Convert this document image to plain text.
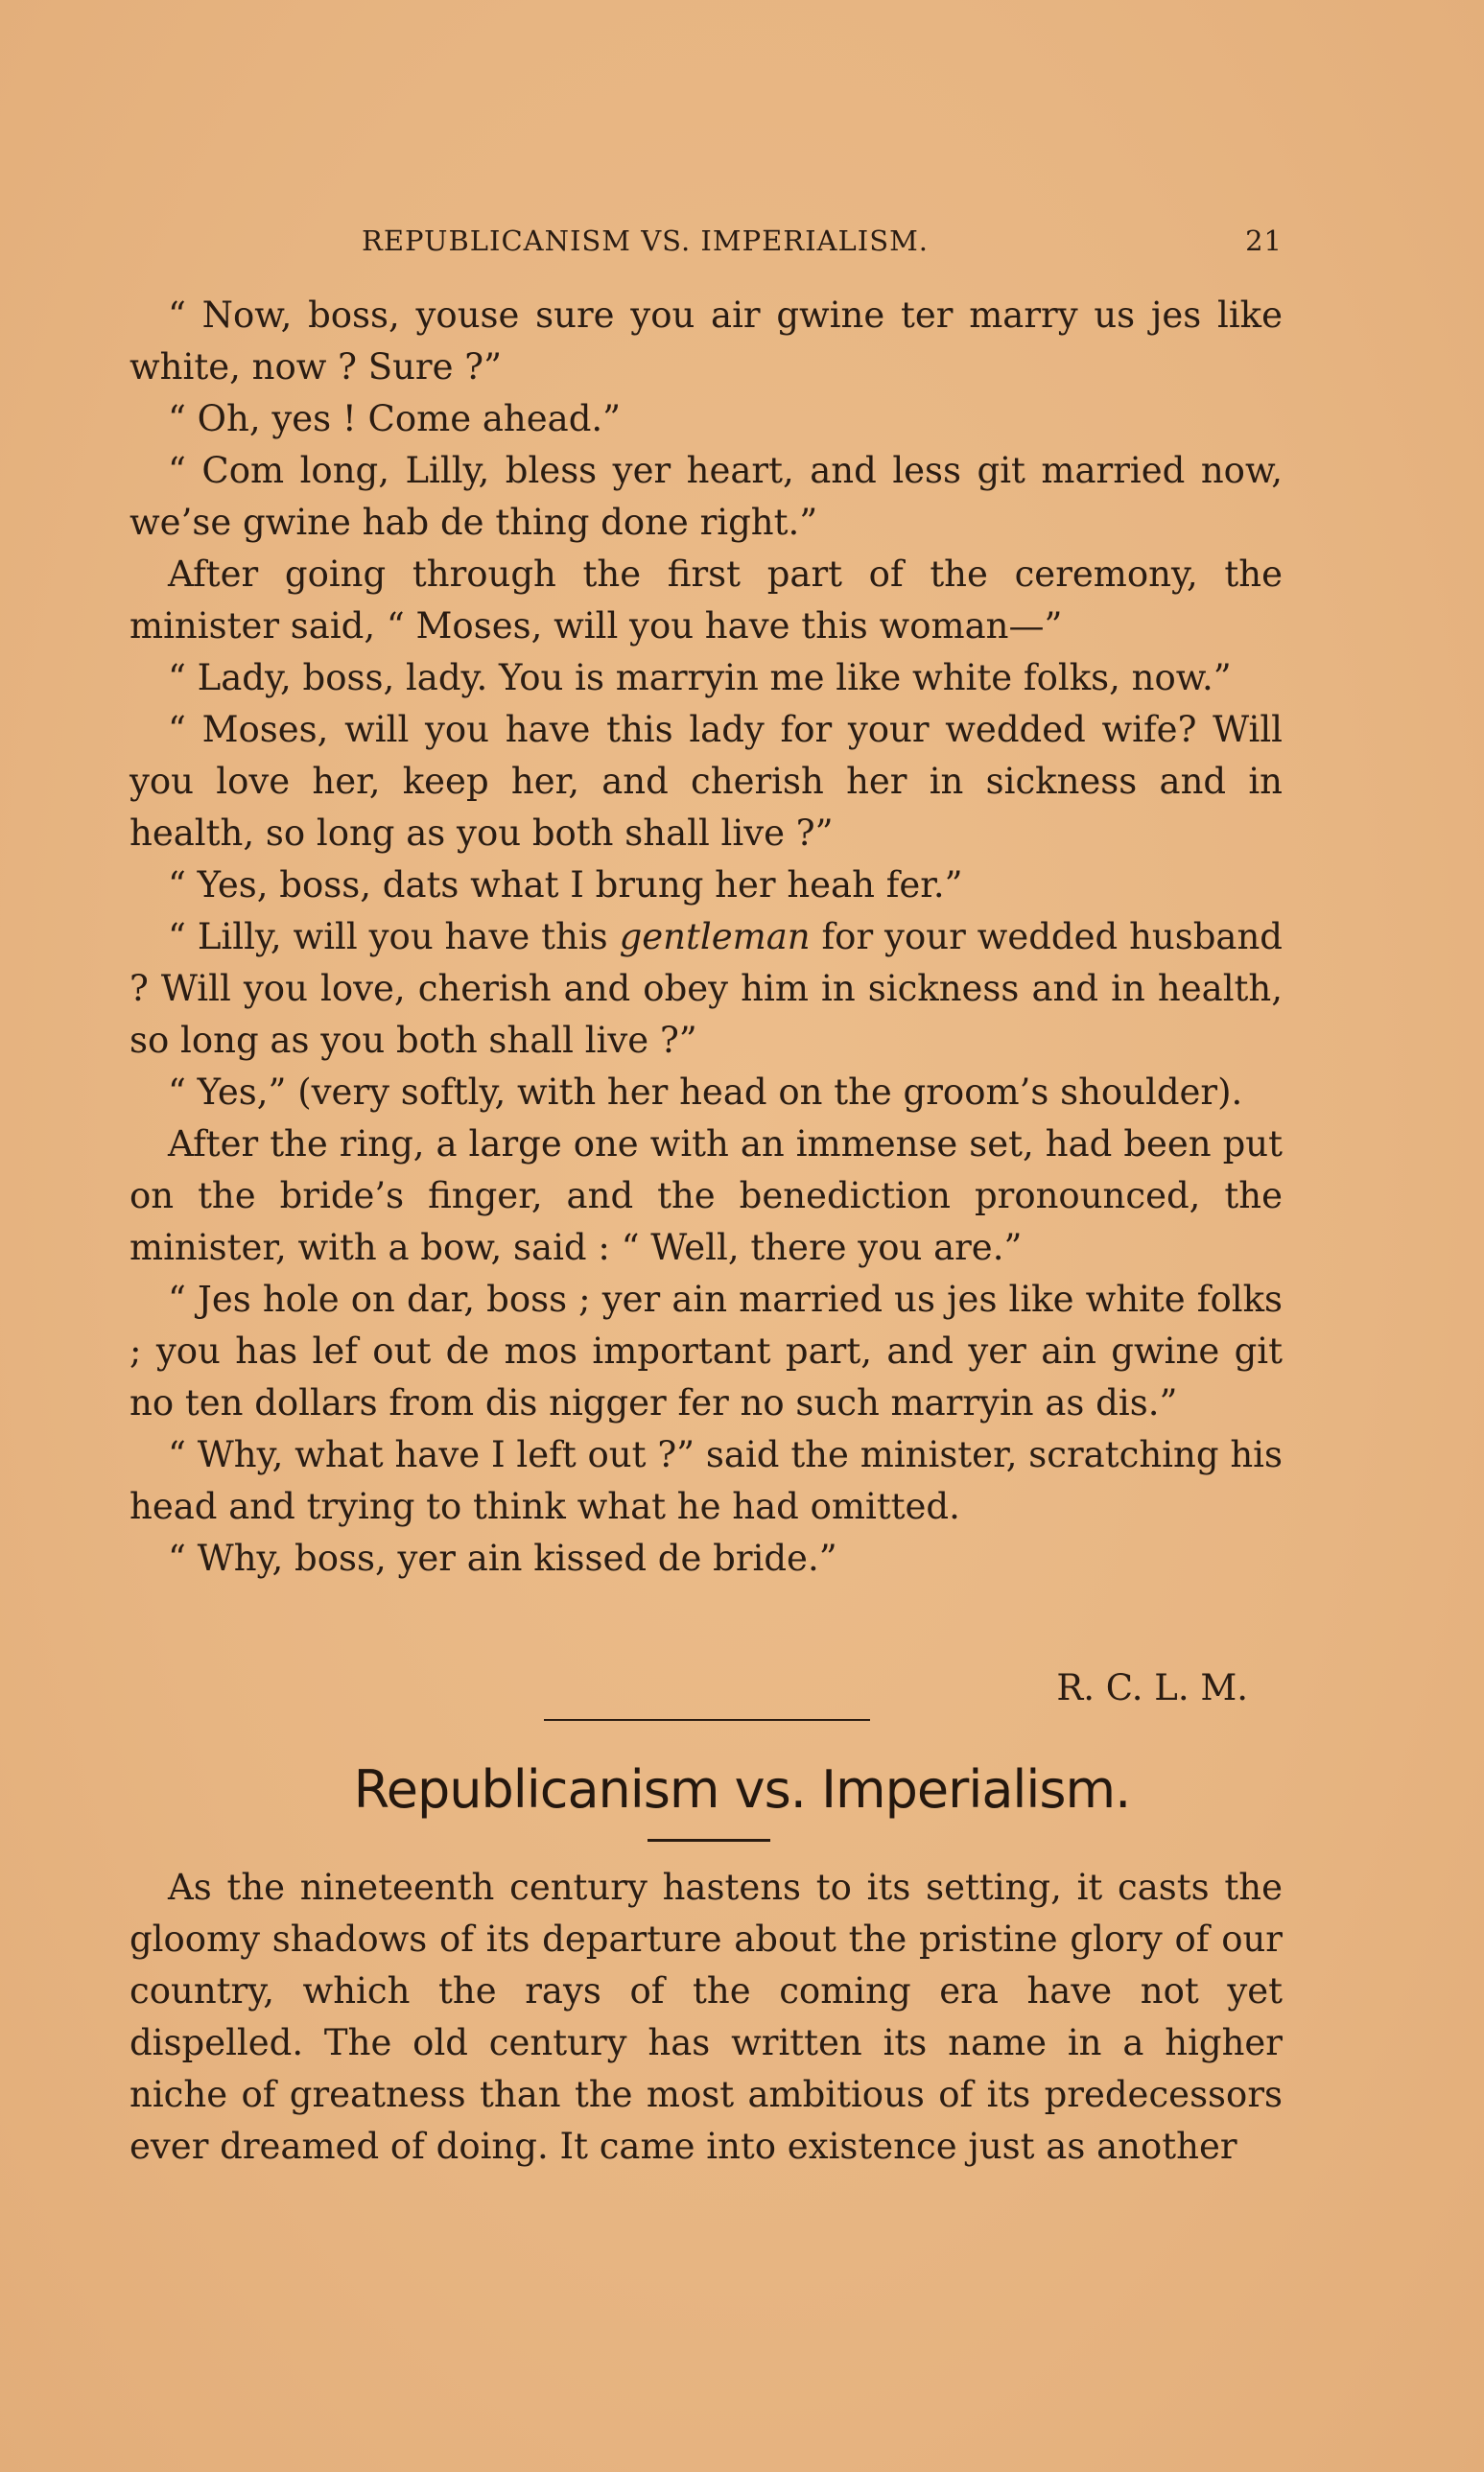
REPUBLICANISM VS. IMPERIALISM.	21

“ Now, boss, youse sure you air gwine ter marry us jes like white, now ? Sure ?”

“ Oh, yes ! Come ahead.”

“ Com long, Lilly, bless yer heart, and less git married now, we’se gwine hab de thing done right.”

After going through the first part of the ceremony, the minister said, “ Moses, will you have this woman—”

“ Lady, boss, lady. You is marryin me like white folks, now.”

“ Moses, will you have this lady for your wedded wife? Will you love her, keep her, and cherish her in sickness and in health, so long as you both shall live ?”

“ Yes, boss, dats what I brung her heah fer.”

“ Lilly, will you have this gentleman for your wedded husband ? Will you love, cherish and obey him in sickness and in health, so long as you both shall live ?”

“ Yes,” (very softly, with her head on the groom’s shoulder).

After the ring, a large one with an immense set, had been put on the bride’s finger, and the benediction pronounced, the minister, with a bow, said : “ Well, there you are.”

“ Jes hole on dar, boss ; yer ain married us jes like white folks ; you has lef out de mos important part, and yer ain gwine git no ten dollars from dis nigger fer no such marryin as dis.”

“ Why, what have I left out ?” said the minister, scratching his head and trying to think what he had omitted.

“ Why, boss, yer ain kissed de bride.”

R. C. L. M.
Republicanism vs. Imperialism.

As the nineteenth century hastens to its setting, it casts the gloomy shadows of its departure about the pristine glory of our country, which the rays of the coming era have not yet dispelled. The old century has written its name in a higher niche of greatness than the most ambitious of its predecessors ever dreamed of doing. It came into existence just as another
